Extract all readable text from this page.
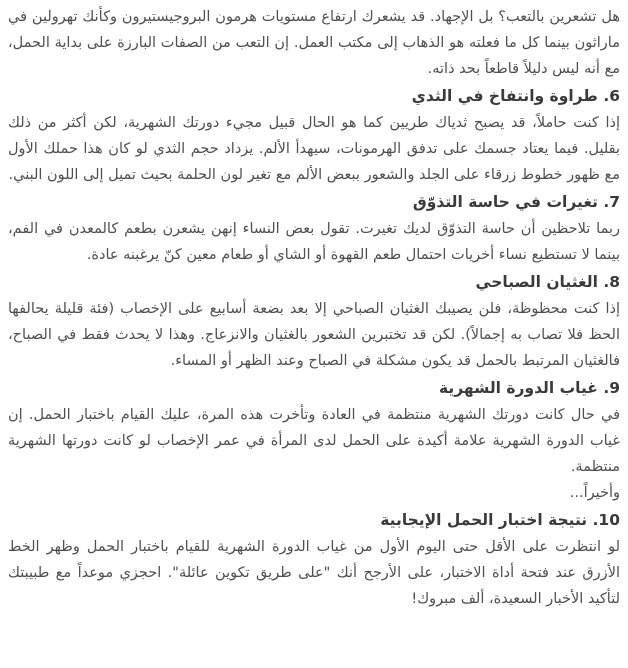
هل تشعرين بالتعب؟ بل الإجهاد. قد يشعرك ارتفاع مستويات هرمون البروجيستيرون وكأنك تهرولين في ماراثون بينما كل ما فعلته هو الذهاب إلى مكتب العمل. إن التعب من الصفات البارزة على بداية الحمل، مع أنه ليس دليلاً قاطعاً بحد ذاته.

6. طراوة وانتفاخ في الثدي

إذا كنت حاملاً، قد يصبح ثدياك طريين كما هو الحال قبيل مجيء دورتك الشهرية، لكن أكثر من ذلك بقليل. فيما يعتاد جسمك على تدفق الهرمونات، سيهدأ الألم. يزداد حجم الثدي لو كان هذا حملك الأول مع ظهور خطوط زرقاء على الجلد والشعور ببعض الألم مع تغير لون الحلمة بحيث تميل إلى اللون البني.

7. تغيرات في حاسة التذوّق

ربما تلاحظين أن حاسة التذوّق لديك تغيرت. تقول بعض النساء إنهن يشعرن بطعم كالمعدن في الفم، بينما لا تستطيع نساء أخريات احتمال طعم القهوة أو الشاي أو طعام معين كنّ يرغبنه عادة.

8. الغثيان الصباحي

إذا كنت محظوظة، فلن يصيبك الغثيان الصباحي إلا بعد بضعة أسابيع على الإخصاب (فئة قليلة يحالفها الحظ فلا تصاب به إجمالاً). لكن قد تختبرين الشعور بالغثيان والانزعاج. وهذا لا يحدث فقط في الصباح، فالغثيان المرتبط بالحمل قد يكون مشكلة في الصباح وعند الظهر أو المساء.

9. غياب الدورة الشهرية

في حال كانت دورتك الشهرية منتظمة في العادة وتأخرت هذه المرة، عليك القيام باختبار الحمل. إن غياب الدورة الشهرية علامة أكيدة على الحمل لدى المرأة في عمر الإخصاب لو كانت دورتها الشهرية منتظمة.

وأخيراً...

10. نتيجة اختبار الحمل الإيجابية

لو انتظرت على الأقل حتى اليوم الأول من غياب الدورة الشهرية للقيام باختبار الحمل وظهر الخط الأزرق عند فتحة أداة الاختبار، على الأرجح أنك "على طريق تكوين عائلة". احجزي موعداً مع طبيبتك لتأكيد الأخبار السعيدة، ألف مبروك!
